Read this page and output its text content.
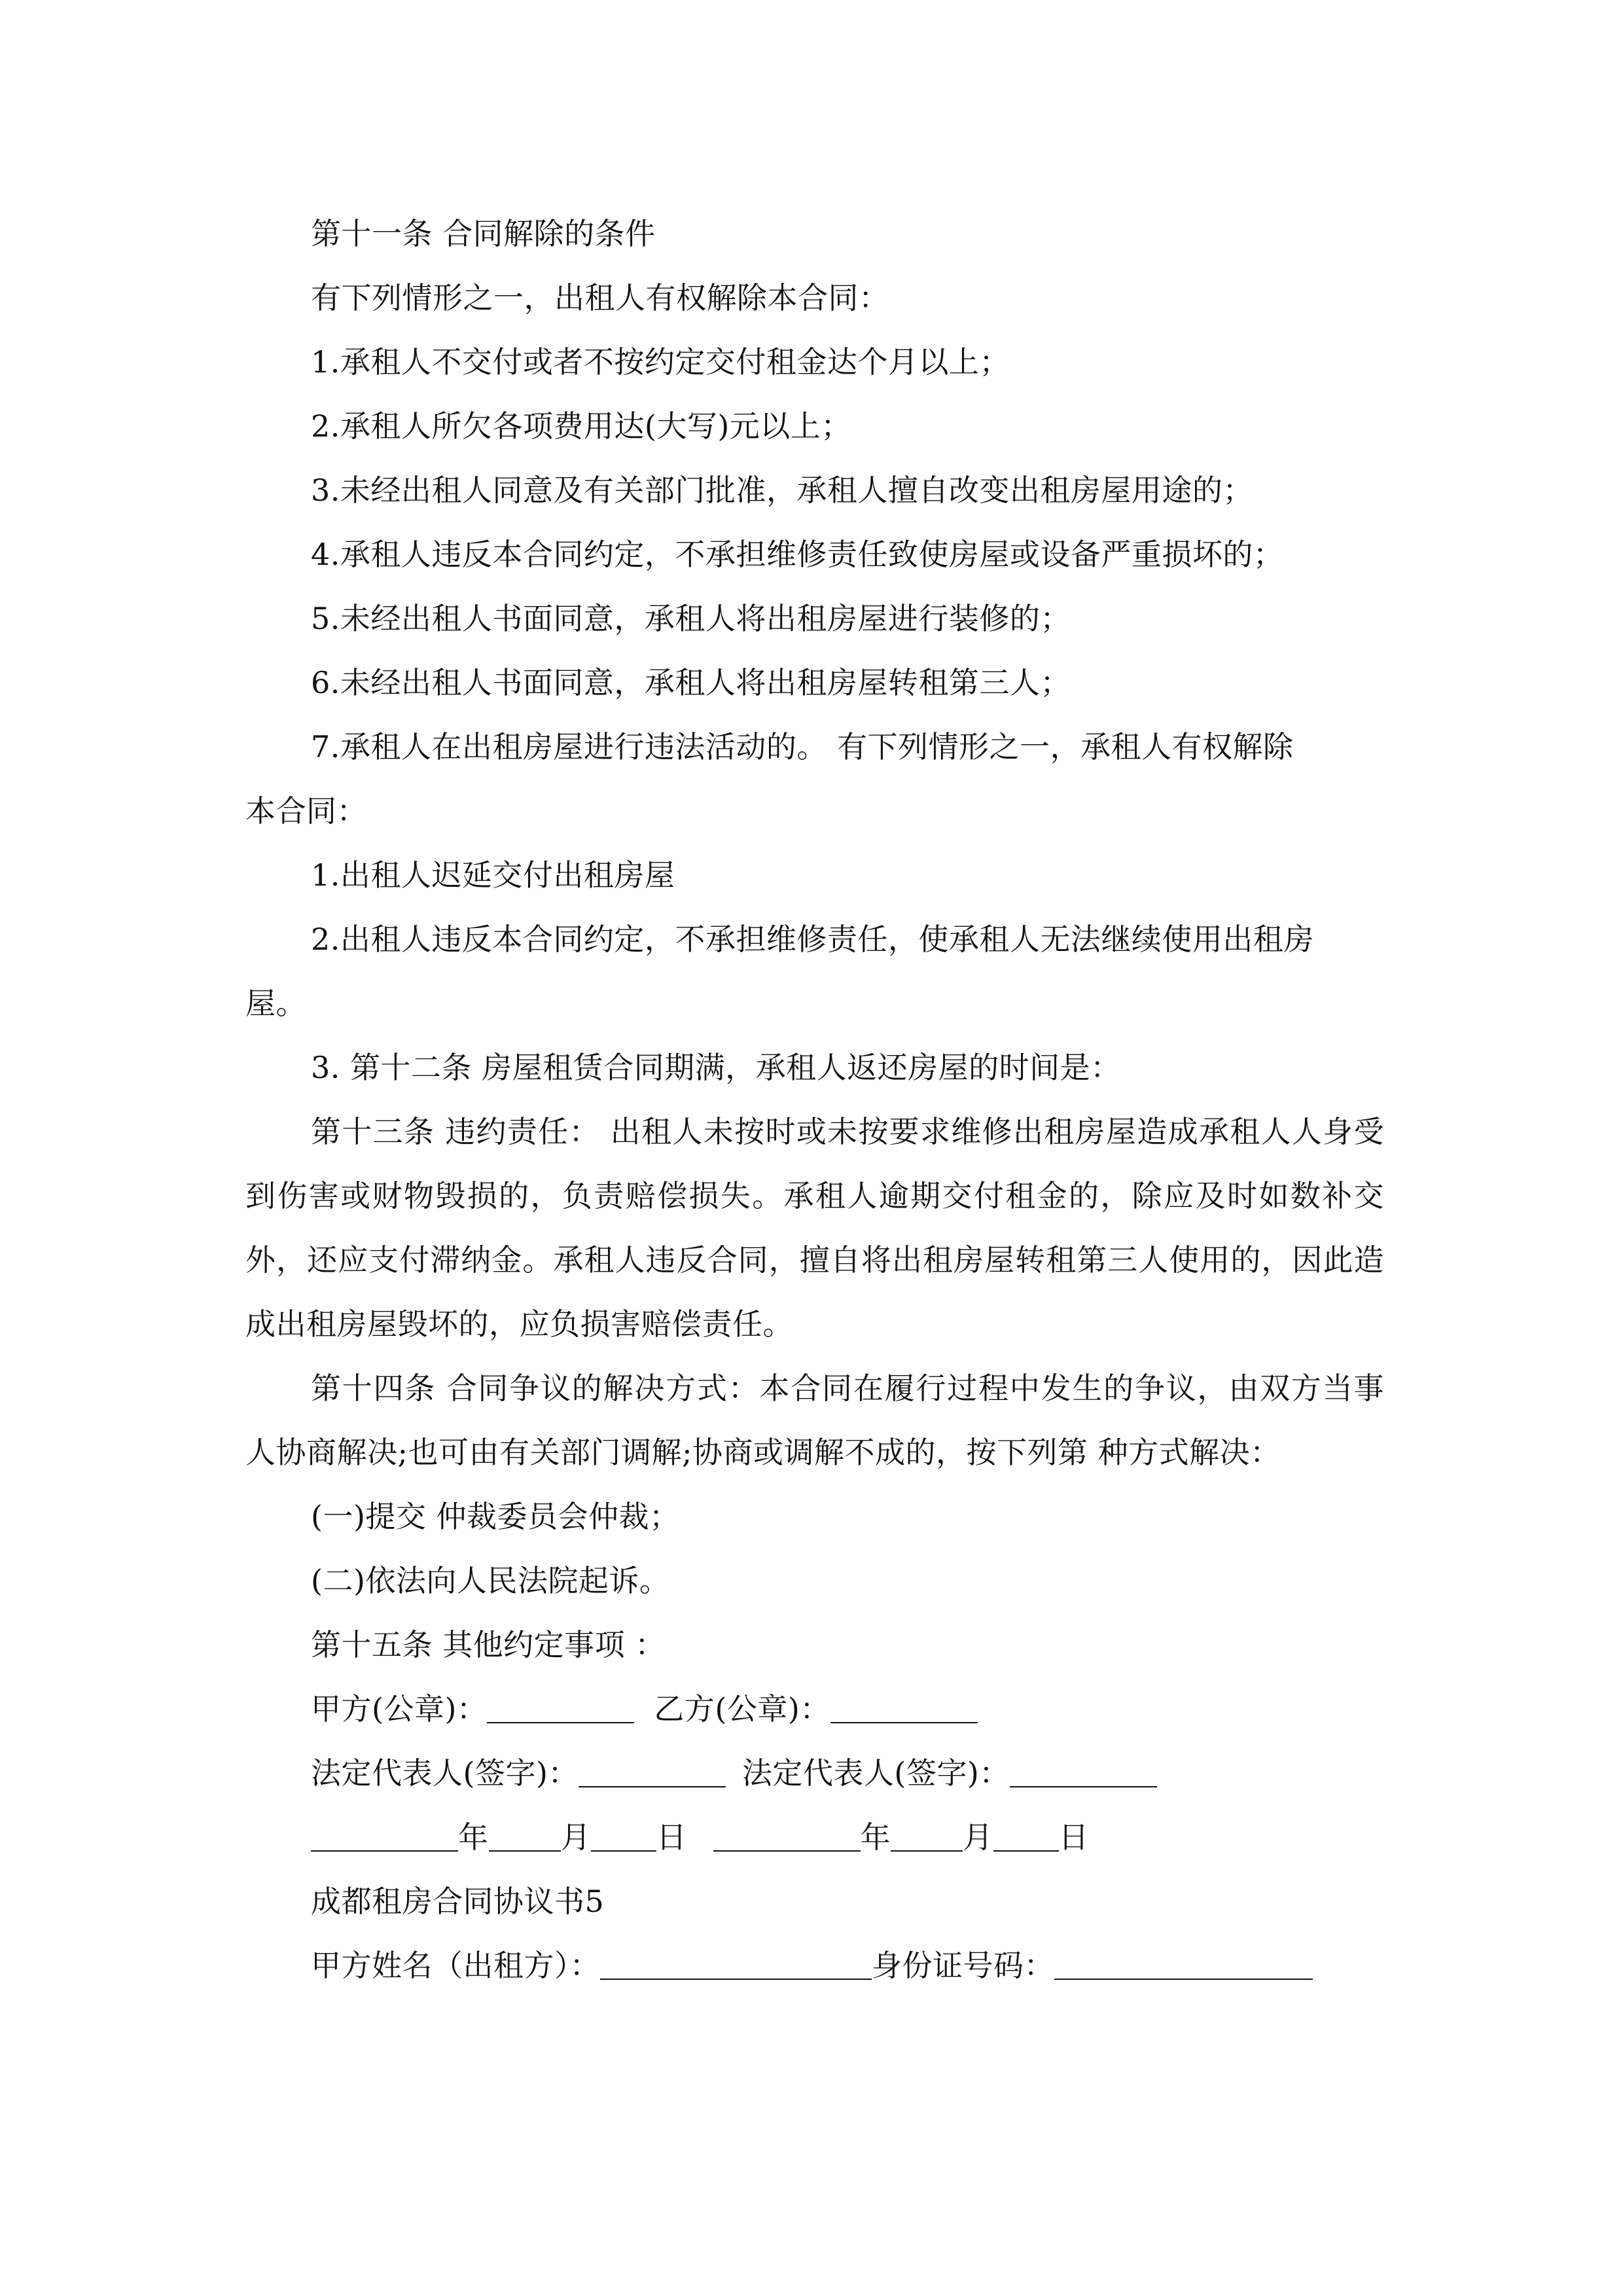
第十一条 合同解除的条件
有下列情形之一，出租人有权解除本合同：
1.承租人不交付或者不按约定交付租金达个月以上；
2.承租人所欠各项费用达(大写)元以上；
3.未经出租人同意及有关部门批准，承租人擅自改变出租房屋用途的；
4.承租人违反本合同约定，不承担维修责任致使房屋或设备严重损坏的；
5.未经出租人书面同意，承租人将出租房屋进行装修的；
6.未经出租人书面同意，承租人将出租房屋转租第三人；
7.承租人在出租房屋进行违法活动的。 有下列情形之一，承租人有权解除
本合同：
1.出租人迟延交付出租房屋
2.出租人违反本合同约定，不承担维修责任，使承租人无法继续使用出租房
屋。
3. 第十二条 房屋租赁合同期满，承租人返还房屋的时间是：
第十三条 违约责任： 出租人未按时或未按要求维修出租房屋造成承租人人身受到伤害或财物毁损的，负责赔偿损失。承租人逾期交付租金的，除应及时如数补交外，还应支付滞纳金。承租人违反合同，擅自将出租房屋转租第三人使用的，因此造成出租房屋毁坏的，应负损害赔偿责任。
第十四条 合同争议的解决方式：本合同在履行过程中发生的争议，由双方当事人协商解决;也可由有关部门调解;协商或调解不成的，按下列第 种方式解决：
(一)提交 仲裁委员会仲裁；
(二)依法向人民法院起诉。
第十五条 其他约定事项 ：
甲方(公章)：	乙方(公章)：
法定代表人(签字)：	法定代表人(签字)：
年 月 日	年 月 日
成都租房合同协议书5
甲方姓名（出租方）：	身份证号码：
